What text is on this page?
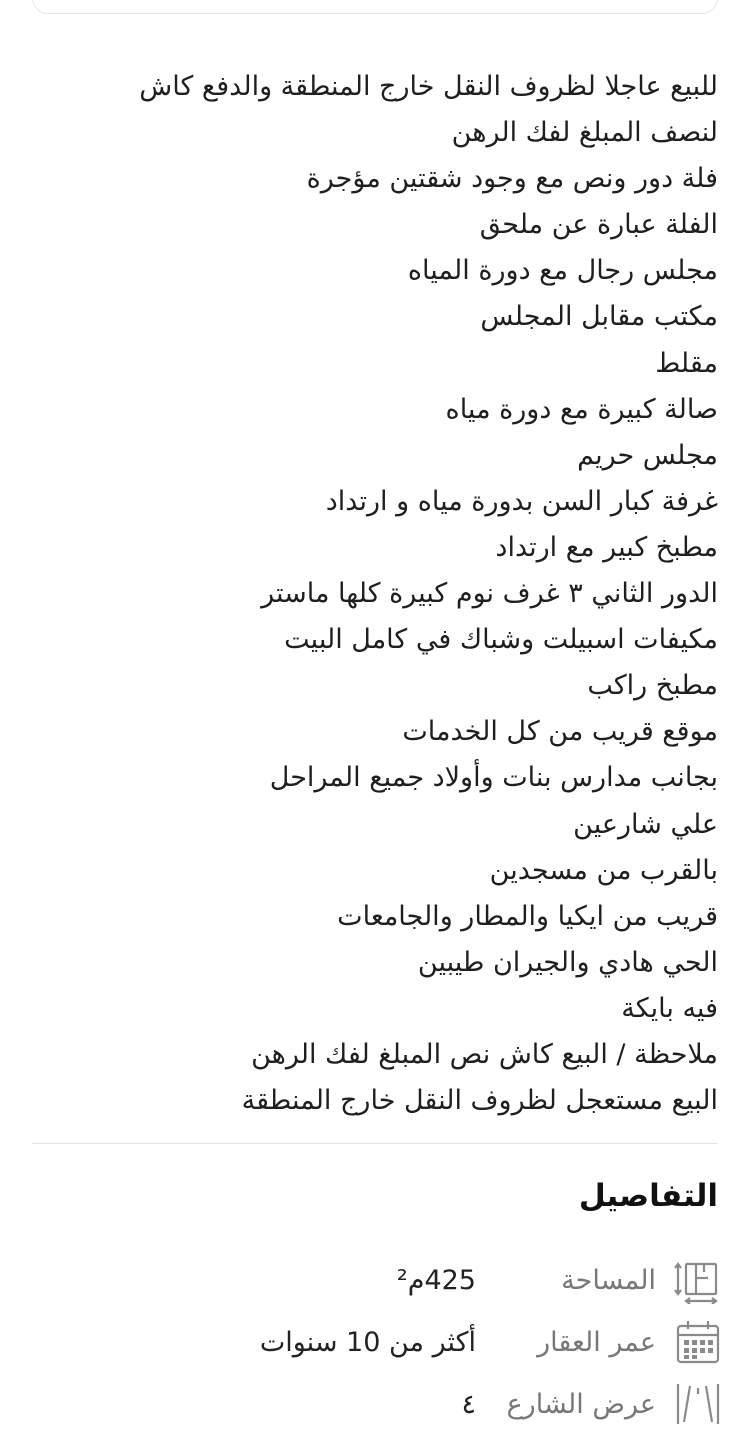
للبيع عاجلا لظروف النقل خارج المنطقة والدفع كاش
لنصف المبلغ لفك الرهن
فلة دور ونص مع وجود شقتين مؤجرة
الفلة عبارة عن ملحق
مجلس رجال مع دورة المياه
مكتب مقابل المجلس
مقلط
صالة كبيرة مع دورة مياه
مجلس حريم
غرفة كبار السن بدورة مياه و ارتداد
مطبخ كبير مع ارتداد
الدور الثاني ٣ غرف نوم كبيرة كلها ماستر
مكيفات اسبيلت وشباك في كامل البيت
مطبخ راكب
موقع قريب من كل الخدمات
بجانب مدارس بنات وأولاد جميع المراحل
علي شارعين
بالقرب من مسجدين
قريب من ايكيا والمطار والجامعات
الحي هادي والجيران طيبين
فيه بايكة
ملاحظة / البيع كاش نص المبلغ لفك الرهن
البيع مستعجل لظروف النقل خارج المنطقة
التفاصيل
المساحة
425م²
عمر العقار
أكثر من 10 سنوات
عرض الشارع
٤
